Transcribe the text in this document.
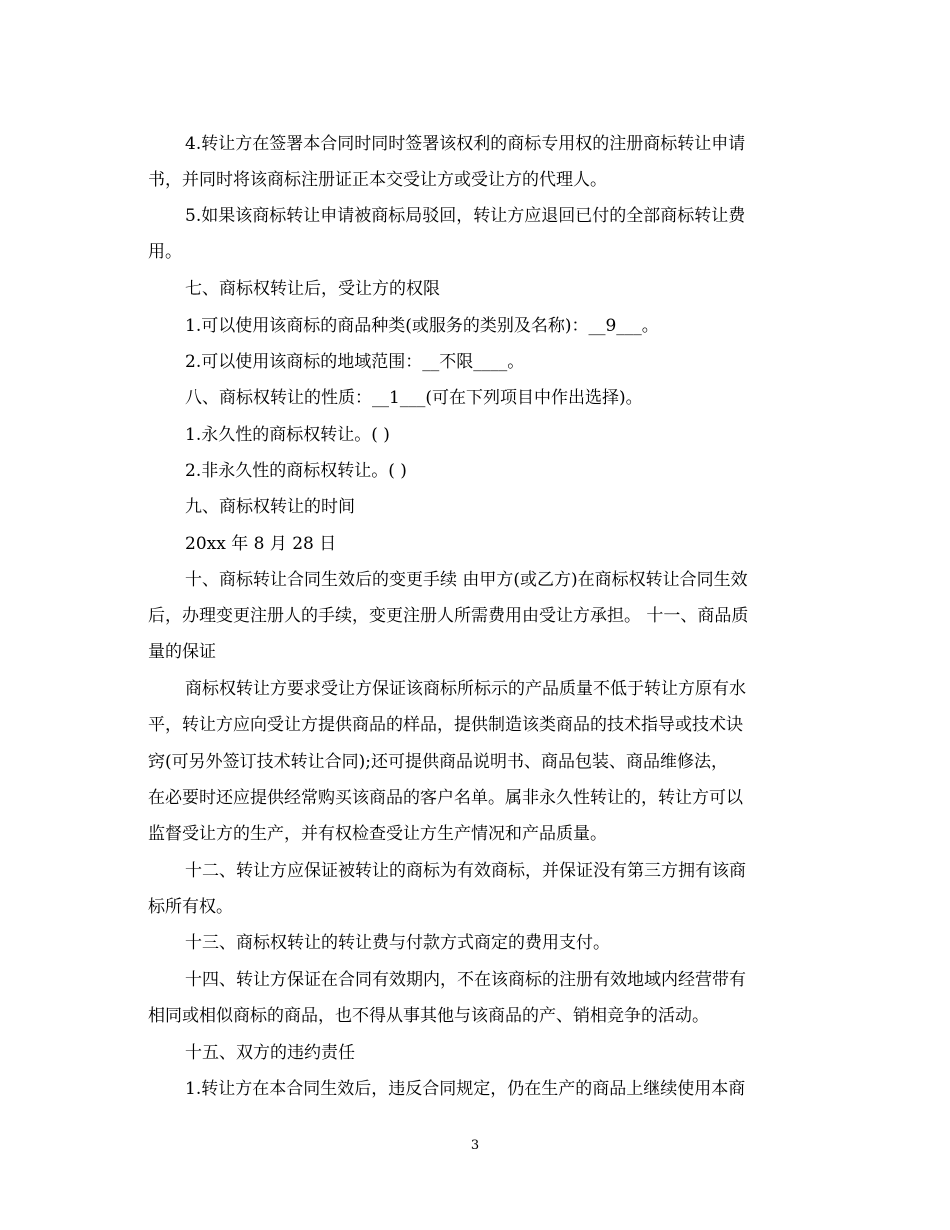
4.转让方在签署本合同时同时签署该权利的商标专用权的注册商标转让申请
书，并同时将该商标注册证正本交受让方或受让方的代理人。
5.如果该商标转让申请被商标局驳回，转让方应退回已付的全部商标转让费
用。
七、商标权转让后，受让方的权限
1.可以使用该商标的商品种类(或服务的类别及名称)：__9___。
2.可以使用该商标的地域范围：__不限____。
八、商标权转让的性质：__1___(可在下列项目中作出选择)。
1.永久性的商标权转让。( )
2.非永久性的商标权转让。( )
九、商标权转让的时间
20xx 年 8 月 28 日
十、商标转让合同生效后的变更手续 由甲方(或乙方)在商标权转让合同生效
后，办理变更注册人的手续，变更注册人所需费用由受让方承担。 十一、商品质
量的保证
商标权转让方要求受让方保证该商标所标示的产品质量不低于转让方原有水
平，转让方应向受让方提供商品的样品，提供制造该类商品的技术指导或技术诀
窍(可另外签订技术转让合同);还可提供商品说明书、商品包装、商品维修法，
在必要时还应提供经常购买该商品的客户名单。属非永久性转让的，转让方可以
监督受让方的生产，并有权检查受让方生产情况和产品质量。
十二、转让方应保证被转让的商标为有效商标，并保证没有第三方拥有该商
标所有权。
十三、商标权转让的转让费与付款方式商定的费用支付。
十四、转让方保证在合同有效期内，不在该商标的注册有效地域内经营带有
相同或相似商标的商品，也不得从事其他与该商品的产、销相竞争的活动。
十五、双方的违约责任
1.转让方在本合同生效后，违反合同规定，仍在生产的商品上继续使用本商
3
